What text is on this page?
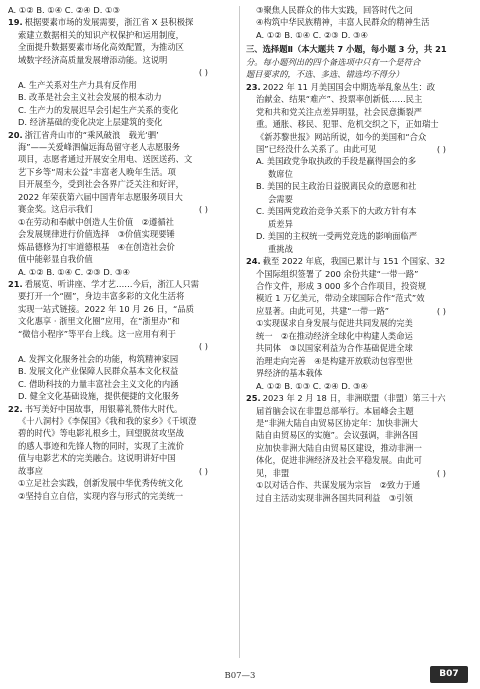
A. ①② B. ①④ C. ②④ D. ①③

19. 根据要素市场的发展需要，浙江省 X 县积极探

索建立数据相关的知识产权保护和运用制度，

全面提升数据要素市场化高效配置，为推动区

域数字经济高质量发展增添动能。这说明

( )

A. 生产关系对生产力具有反作用

B. 改革是社会主义社会发展的根本动力

C. 生产力的发展迟早会引起生产关系的变化

D. 经济基础的变化决定上层建筑的变化

20. 浙江省舟山市的“乘风破浪　载光‘驷’

海”——关爱峰泗偏远海岛留守老人志愿服务

项目，志愿者通过开展安全用电、送医送药、文

艺下乡等“周末公益”丰富老人晚年生活。项

目开展至今，受到社会各界广泛关注和好评，

2022 年荣获第六届中国青年志愿服务项目大

赛金奖。这启示我们	( )

①在劳动和奉献中创造人生价值　②遵循社

会发展规律进行价值选择　③价值实现要锤

炼品德修为打牢道德根基　④在创造社会价

值中能彰显自我价值

A. ①② B. ①④ C. ②③ D. ③④

21. 看展览、听讲座、学才艺……今后，浙江人只需

要打开一个“圈”，身边丰富多彩的文化生活将

实现一站式链接。2022 年 10 月 26 日，“品质

文化惠享 · 浙里文化圈”应用，在“浙里办”和

“微信小程序”等平台上线。这一应用有利于

( )

A. 发挥文化服务社会的功能，构筑精神家园

B. 发展文化产业保障人民群众基本文化权益

C. 借助科技的力量丰富社会主义文化的内涵

D. 健全文化基础设施，提供便捷的文化服务

22. 书写美好中国故事，用银幕礼赞伟大时代。

《十八洞村》《李保国》《我和我的家乡》《千顷澄

碧的时代》等电影礼根乡土，回望脱贫攻坚战

的感人事迹和先锋人物的同时，实现了主流价

值与电影艺术的完美融合。这说明讲好中国

故事应	( )

①立足社会实践，创新发展中华优秀传统文化

②坚持自立自信，实现内容与形式的完美统一

③聚焦人民群众的伟大实践，回答时代之问

④构筑中华民族精神，丰富人民群众的精神生活

A. ①② B. ①④ C. ②③ D. ③④

三、选择题Ⅱ（本大题共 7 小题，每小题 3 分，共 21

分。每小题列出的四个备选项中只有一个是符合

题目要求的，不选、多选、错选均不得分）

23. 2022 年 11 月美国国会中期选举乱象丛生：政

治献金、结果“难产”、投票率创新低……民主

党和共和党关注点差异明显，社会民意撕裂严

重。通胀、移民、犯罪、危机交织之下，正如瑞士

《新苏黎世报》网站所说，如今的美国和“合众

国”已经没什么关系了。由此可见	( )

A. 美国政党争取执政的手段是赢得国会的多

数席位

B. 美国的民主政治日益脱离民众的意愿和社

会需要

C. 美国两党政治竞争关系下的大政方针有本

质差异

D. 美国的主权统一受两党竞选的影响面临严

重挑战

24. 截至 2022 年底，我国已累计与 151 个国家、32

个国际组织签署了 200 余份共建“一带一路”

合作文件，形成 3 000 多个合作项目，投资规

模近 1 万亿美元，带动全球国际合作“范式”效

应显著。由此可见，共建“一带一路”	( )

①实现谋求自身发展与促进共同发展的完美

统一　②在推动经济全球化中构建人类命运

共同体　③以国家利益为合作基础促进全球

治理走向完善　④是构建开放联动包容型世

界经济的基本载体

A. ①② B. ①③ C. ②④ D. ③④

25. 2023 年 2 月 18 日，非洲联盟（非盟）第三十六

届首脑会议在非盟总部举行。本届峰会主题

是“非洲大陆自由贸易区协定年：加快非洲大

陆自由贸易区的实施”。会议强调，非洲各国

应加快非洲大陆自由贸易区建设，推动非洲一

体化，促进非洲经济及社会平稳发展。由此可

见，非盟	( )

①以对话合作、共谋发展为宗旨　②致力于通

过自主活动实现非洲各国共同利益　③引领

B07—3	B07
